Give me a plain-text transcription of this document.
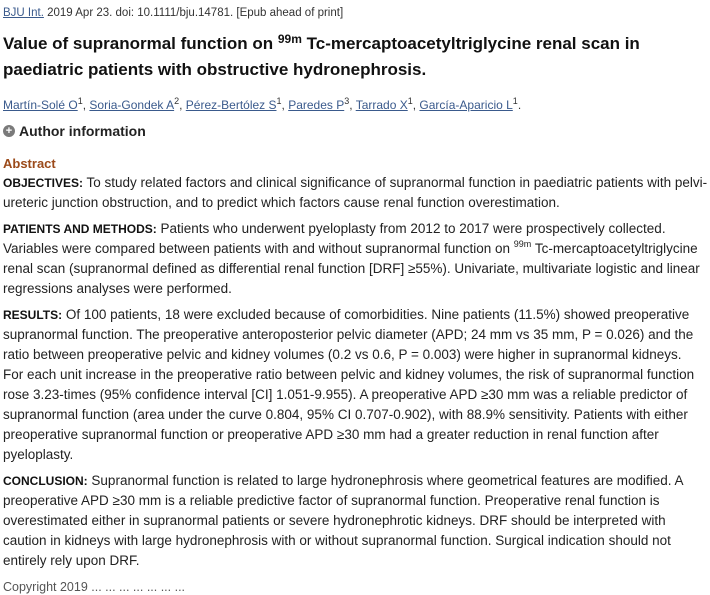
BJU Int. 2019 Apr 23. doi: 10.1111/bju.14781. [Epub ahead of print]
Value of supranormal function on $^{99m}$ Tc-mercaptoacetyltriglycine renal scan in paediatric patients with obstructive hydronephrosis.
Martín-Solé $O^1$, Soria-Gondek $A^2$, Pérez-Bertólez $S^1$, Paredes $P^3$, Tarrado $X^1$, García-Aparicio $L^1$.
+ Author information
Abstract

OBJECTIVES: To study related factors and clinical significance of supranormal function in paediatric patients with pelvi-ureteric junction obstruction, and to predict which factors cause renal function overestimation.

PATIENTS AND METHODS: Patients who underwent pyeloplasty from 2012 to 2017 were prospectively collected. Variables were compared between patients with and without supranormal function on $^{99m}$ Tc-mercaptoacetyltriglycine renal scan (supranormal defined as differential renal function [DRF] ≥55%). Univariate, multivariate logistic and linear regressions analyses were performed.

RESULTS: Of 100 patients, 18 were excluded because of comorbidities. Nine patients (11.5%) showed preoperative
supranormal function. The preoperative anteroposterior pelvic diameter (APD; 24 mm vs 35 mm, P = 0.026) and the
ratio between preoperative pelvic and kidney volumes (0.2 vs 0.6, P = 0.003) were higher in supranormal kidneys.
For each unit increase in the preoperative ratio between pelvic and kidney volumes, the risk of supranormal function
rose 3.23-times (95% confidence interval [CI] 1.051-9.955). A preoperative APD ≥30 mm was a reliable predictor of
supranormal function (area under the curve 0.804, 95% CI 0.707-0.902), with 88.9% sensitivity. Patients with either
preoperative supranormal function or preoperative APD ≥30 mm had a greater reduction in renal function after
pyeloplasty.

CONCLUSION: Supranormal function is related to large hydronephrosis where geometrical features are modified. A preoperative APD ≥30 mm is a reliable predictive factor of supranormal function. Preoperative renal function is overestimated either in supranormal patients or severe hydronephrotic kidneys. DRF should be interpreted with caution in kidneys with large hydronephrosis with or without supranormal function. Surgical indication should not entirely rely upon DRF.

Copyright 2019 ... ... ... ... ... ... ...
